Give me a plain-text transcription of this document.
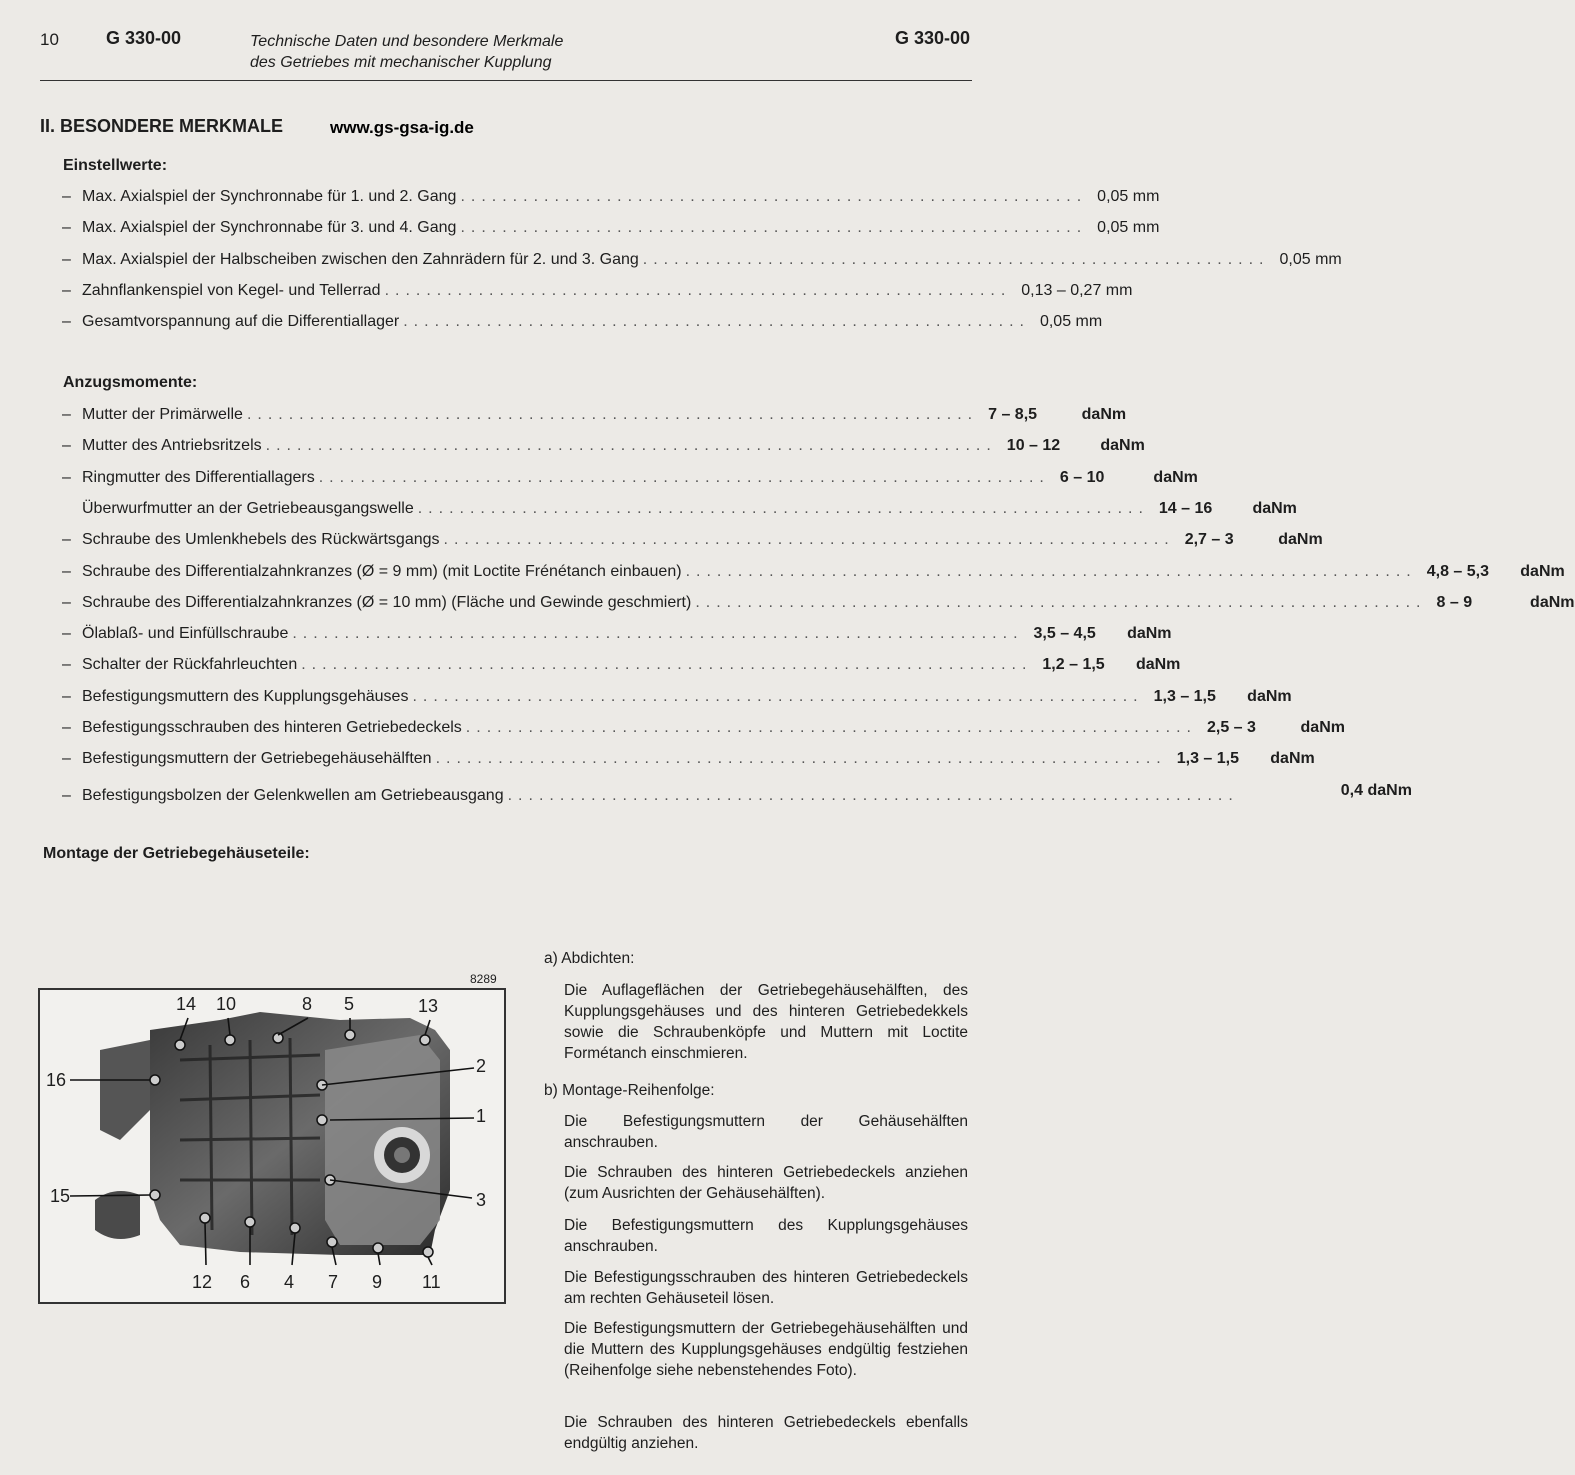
10	G 330-00	Technische Daten und besondere Merkmale
des Getriebes mit mechanischer Kupplung
G 330-00
II. BESONDERE MERKMALE	www.gs-gsa-ig.de
Einstellwerte:
– Max. Axialspiel der Synchronnabe für 1. und 2. Gang ............................................................ 0,05 mm
– Max. Axialspiel der Synchronnabe für 3. und 4. Gang ............................................................ 0,05 mm
– Max. Axialspiel der Halbscheiben zwischen den Zahnrädern für 2. und 3. Gang ............................................................ 0,05 mm
– Zahnflankenspiel von Kegel- und Tellerrad ............................................................ 0,13 – 0,27 mm
– Gesamtvorspannung auf die Differentiallager ............................................................ 0,05 mm
Anzugsmomente:
– Mutter der Primärwelle ...................................................................... 7 – 8,5	daNm
– Mutter des Antriebsritzels ...................................................................... 10 – 12	daNm
– Ringmutter des Differentiallagers ...................................................................... 6 – 10	daNm
Überwurfmutter an der Getriebeausgangswelle ...................................................................... 14 – 16	daNm
– Schraube des Umlenkhebels des Rückwärtsgangs ...................................................................... 2,7 – 3	daNm
– Schraube des Differentialzahnkranzes (Ø = 9 mm) (mit Loctite Frénétanch einbauen) ...................................................................... 4,8 – 5,3	daNm
– Schraube des Differentialzahnkranzes (Ø = 10 mm) (Fläche und Gewinde geschmiert) ...................................................................... 8 – 9	daNm
– Ölablaß- und Einfüllschraube ...................................................................... 3,5 – 4,5	daNm
– Schalter der Rückfahrleuchten ...................................................................... 1,2 – 1,5	daNm
– Befestigungsmuttern des Kupplungsgehäuses ...................................................................... 1,3 – 1,5	daNm
– Befestigungsschrauben des hinteren Getriebedeckels ...................................................................... 2,5 – 3	daNm
– Befestigungsmuttern der Getriebegehäusehälften ...................................................................... 1,3 – 1,5	daNm
– Befestigungsbolzen der Gelenkwellen am Getriebeausgang ......................................................................	0,4 daNm
Montage der Getriebegehäuseteile:
8289
14 10	8 5	13
2
1
16
15	3
12 6 4 7 9 11
a) Abdichten:
Die Auflageflächen der Getriebegehäusehälften, des Kupplungsgehäuses und des hinteren Getriebedekkels sowie die Schraubenköpfe und Muttern mit Loctite Formétanch einschmieren.
b) Montage-Reihenfolge:
Die Befestigungsmuttern der Gehäusehälften anschrauben.
Die Schrauben des hinteren Getriebedeckels anziehen (zum Ausrichten der Gehäusehälften).
Die Befestigungsmuttern des Kupplungsgehäuses anschrauben.
Die Befestigungsschrauben des hinteren Getriebedeckels am rechten Gehäuseteil lösen.
Die Befestigungsmuttern der Getriebegehäusehälften und die Muttern des Kupplungsgehäuses endgültig festziehen (Reihenfolge siehe nebenstehendes Foto).
Die Schrauben des hinteren Getriebedeckels ebenfalls endgültig anziehen.
